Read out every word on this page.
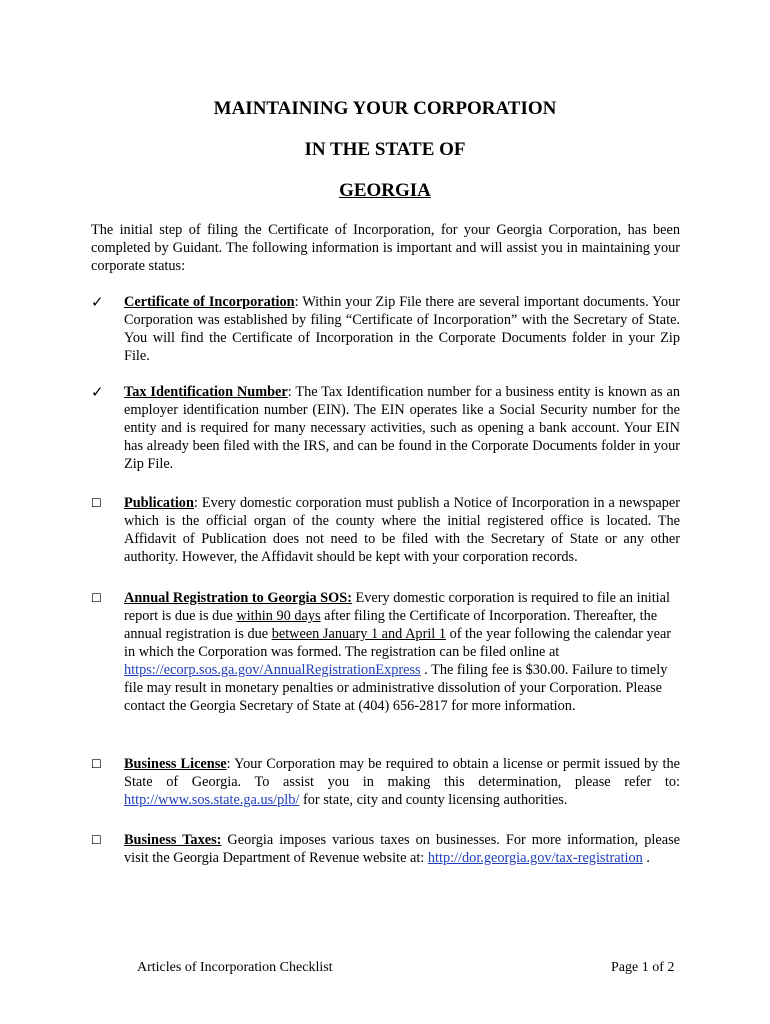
MAINTAINING YOUR CORPORATION
IN THE STATE OF
GEORGIA

The initial step of filing the Certificate of Incorporation, for your Georgia Corporation, has been completed by Guidant. The following information is important and will assist you in maintaining your corporate status:

✓	Certificate of Incorporation: Within your Zip File there are several important documents. Your Corporation was established by filing “Certificate of Incorporation” with the Secretary of State. You will find the Certificate of Incorporation in the Corporate Documents folder in your Zip File.

✓	Tax Identification Number: The Tax Identification number for a business entity is known as an employer identification number (EIN). The EIN operates like a Social Security number for the entity and is required for many necessary activities, such as opening a bank account. Your EIN has already been filed with the IRS, and can be found in the Corporate Documents folder in your Zip File.

☐	Publication: Every domestic corporation must publish a Notice of Incorporation in a newspaper which is the official organ of the county where the initial registered office is located. The Affidavit of Publication does not need to be filed with the Secretary of State or any other authority. However, the Affidavit should be kept with your corporation records.

☐	Annual Registration to Georgia SOS: Every domestic corporation is required to file an initial report is due is due within 90 days after filing the Certificate of Incorporation. Thereafter, the annual registration is due between January 1 and April 1 of the year following the calendar year in which the Corporation was formed. The registration can be filed online at https://ecorp.sos.ga.gov/AnnualRegistrationExpress . The filing fee is $30.00. Failure to timely file may result in monetary penalties or administrative dissolution of your Corporation. Please contact the Georgia Secretary of State at (404) 656-2817 for more information.

☐	Business License: Your Corporation may be required to obtain a license or permit issued by the State of Georgia. To assist you in making this determination, please refer to: http://www.sos.state.ga.us/plb/ for state, city and county licensing authorities.

☐	Business Taxes: Georgia imposes various taxes on businesses. For more information, please visit the Georgia Department of Revenue website at: http://dor.georgia.gov/tax-registration .

Articles of Incorporation Checklist	Page 1 of 2
